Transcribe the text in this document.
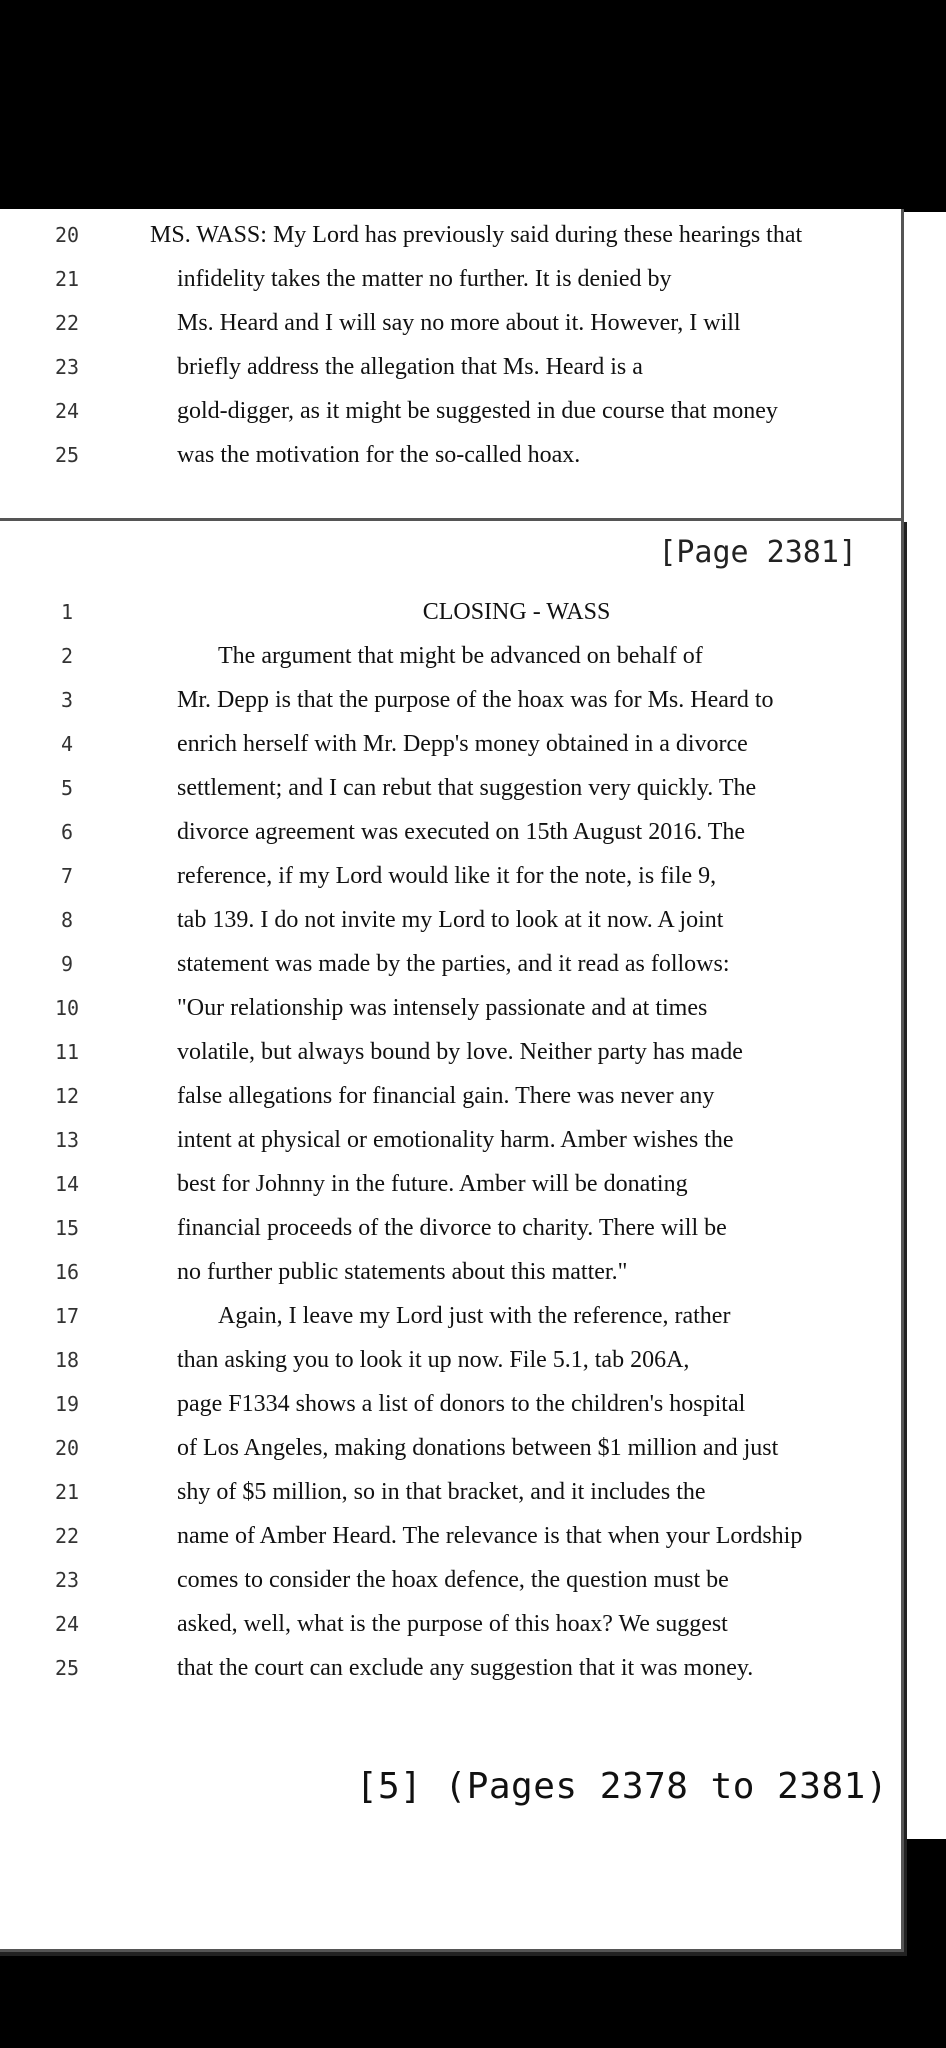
20	MS. WASS: My Lord has previously said during these hearings that
21	infidelity takes the matter no further. It is denied by
22	Ms. Heard and I will say no more about it. However, I will
23	briefly address the allegation that Ms. Heard is a
24	gold-digger, as it might be suggested in due course that money
25	was the motivation for the so-called hoax.
[Page 2381]
1	CLOSING - WASS
2	The argument that might be advanced on behalf of
3	Mr. Depp is that the purpose of the hoax was for Ms. Heard to
4	enrich herself with Mr. Depp's money obtained in a divorce
5	settlement; and I can rebut that suggestion very quickly. The
6	divorce agreement was executed on 15th August 2016. The
7	reference, if my Lord would like it for the note, is file 9,
8	tab 139. I do not invite my Lord to look at it now. A joint
9	statement was made by the parties, and it read as follows:
10	"Our relationship was intensely passionate and at times
11	volatile, but always bound by love. Neither party has made
12	false allegations for financial gain. There was never any
13	intent at physical or emotionality harm. Amber wishes the
14	best for Johnny in the future. Amber will be donating
15	financial proceeds of the divorce to charity. There will be
16	no further public statements about this matter."
17	Again, I leave my Lord just with the reference, rather
18	than asking you to look it up now. File 5.1, tab 206A,
19	page F1334 shows a list of donors to the children's hospital
20	of Los Angeles, making donations between $1 million and just
21	shy of $5 million, so in that bracket, and it includes the
22	name of Amber Heard. The relevance is that when your Lordship
23	comes to consider the hoax defence, the question must be
24	asked, well, what is the purpose of this hoax? We suggest
25	that the court can exclude any suggestion that it was money.
[5] (Pages 2378 to 2381)
